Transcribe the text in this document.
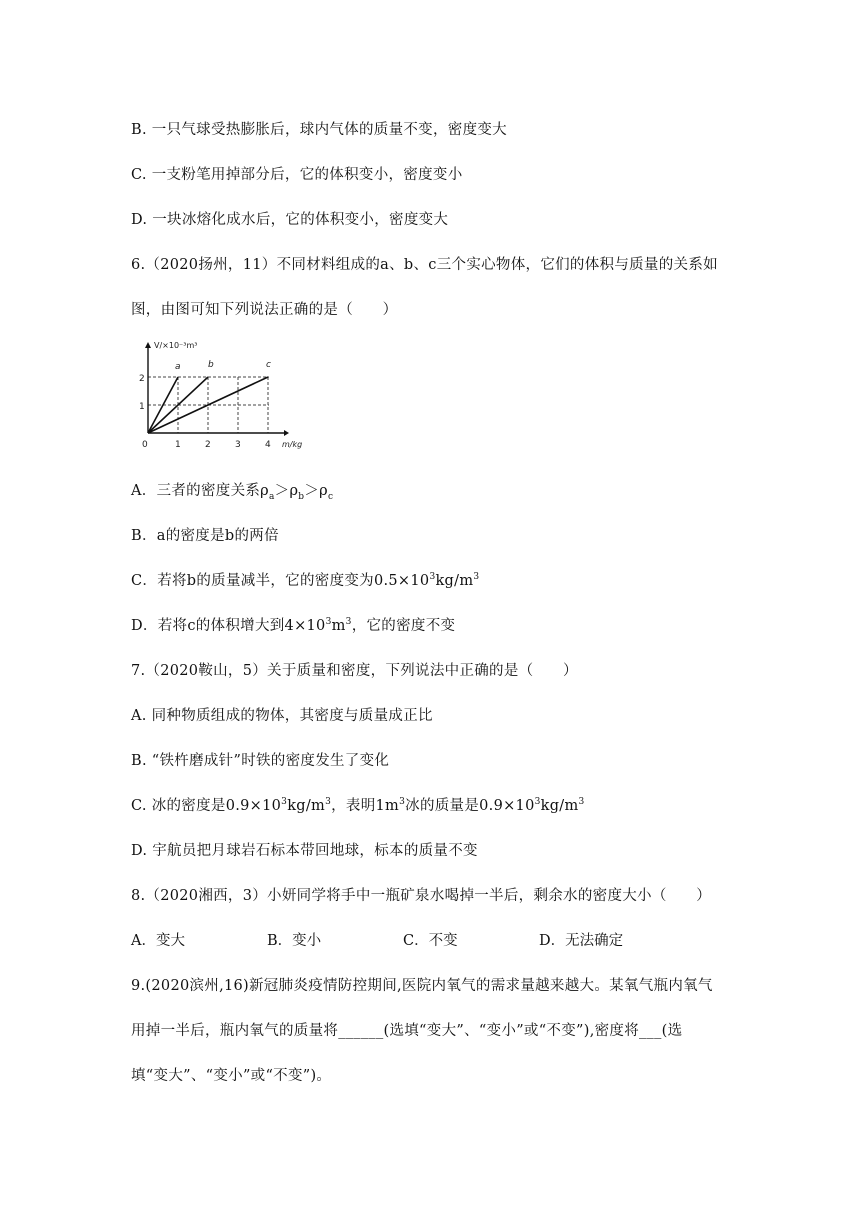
B. 一只气球受热膨胀后，球内气体的质量不变，密度变大
C. 一支粉笔用掉部分后，它的体积变小，密度变小
D. 一块冰熔化成水后，它的体积变小，密度变大
6.（2020扬州，11）不同材料组成的a、b、c三个实心物体，它们的体积与质量的关系如
图，由图可知下列说法正确的是（　　）
V/×10⁻³m³
a	b	c
2
1
0	1	2	3	4 m/kg
A．三者的密度关系$\rho_a>\rho_b>\rho_c$
B．a的密度是b的两倍
C．若将b的质量减半，它的密度变为$0.5\times 10^3kg/m^3$
D．若将c的体积增大到$4\times 10^3m^3$，它的密度不变
7.（2020鞍山，5）关于质量和密度，下列说法中正确的是（　　）
A. 同种物质组成的物体，其密度与质量成正比
B. “铁杵磨成针”时铁的密度发生了变化
C. 冰的密度是$0.9\times 10^3kg/m^3$，表明$1m^3$冰的质量是$0.9\times 10^3kg/m^3$
D. 宇航员把月球岩石标本带回地球，标本的质量不变
8.（2020湘西，3）小妍同学将手中一瓶矿泉水喝掉一半后，剩余水的密度大小（　　）
A．变大	B．变小	C．不变	D．无法确定
9.(2020滨州,16)新冠肺炎疫情防控期间,医院内氧气的需求量越来越大。某氧气瓶内氧气
用掉一半后，瓶内氧气的质量将______(选填“变大”、“变小”或“不变”),密度将___(选
填“变大”、“变小”或“不变”)。
